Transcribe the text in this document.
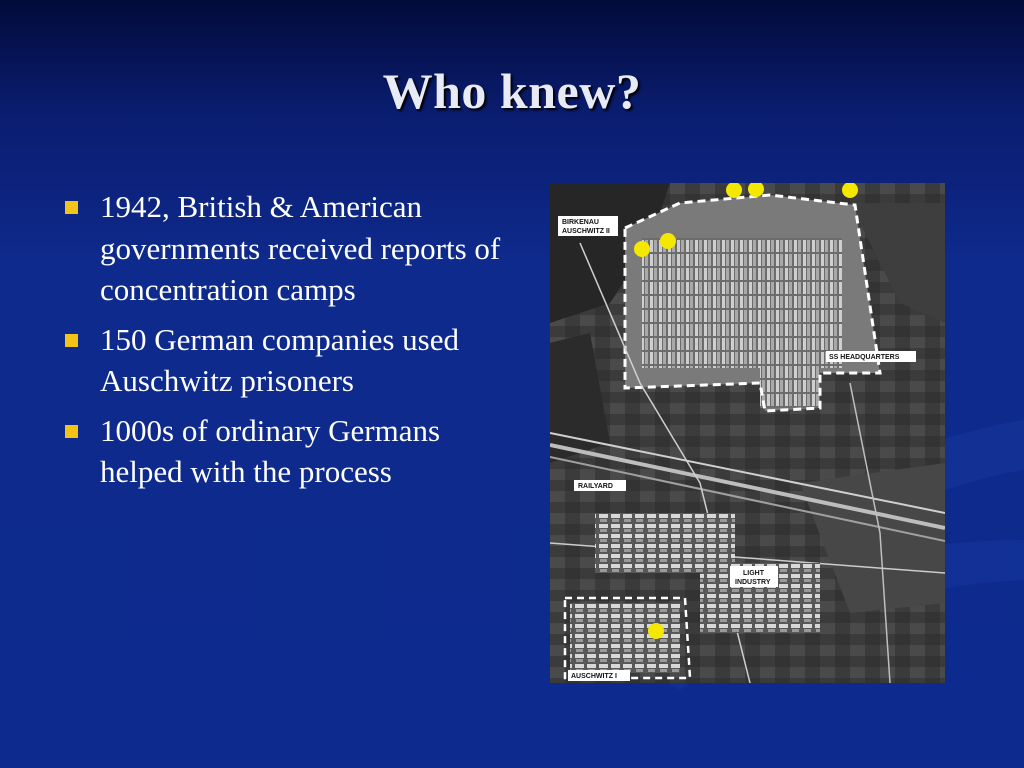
Who knew?
1942, British & American governments received reports of concentration camps
150 German companies used Auschwitz prisoners
1000s of ordinary Germans helped with the process
BIRKENAU
AUSCHWITZ II
SS HEADQUARTERS
RAILYARD
LIGHT
INDUSTRY
AUSCHWITZ I
